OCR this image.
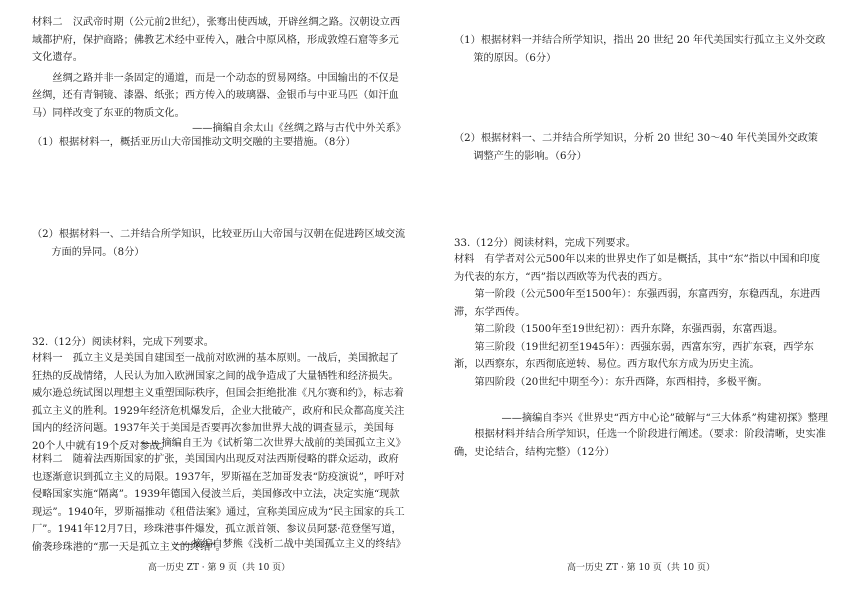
材料二　汉武帝时期（公元前2世纪），张骞出使西域，开辟丝绸之路。汉朝设立西域都护府，保护商路；佛教艺术经中亚传入，融合中原风格，形成敦煌石窟等多元文化遗存。

丝绸之路并非一条固定的通道，而是一个动态的贸易网络。中国输出的不仅是丝绸，还有青铜镜、漆器、纸张；西方传入的玻璃器、金银币与中亚马匹（如汗血马）同样改变了东亚的物质文化。

——摘编自余太山《丝绸之路与古代中外关系》

（1）根据材料一，概括亚历山大帝国推动文明交融的主要措施。（8分）

（2）根据材料一、二并结合所学知识，比较亚历山大帝国与汉朝在促进跨区域交流方面的异同。（8分）

32.（12分）阅读材料，完成下列要求。

材料一　孤立主义是美国自建国至一战前对欧洲的基本原则。一战后，美国掀起了狂热的反战情绪，人民认为加入欧洲国家之间的战争造成了大量牺牲和经济损失。威尔逊总统试图以理想主义重塑国际秩序，但国会拒绝批准《凡尔赛和约》，标志着孤立主义的胜利。1929年经济危机爆发后，企业大批破产，政府和民众都高度关注国内的经济问题。1937年关于美国是否要再次参加世界大战的调查显示，美国每20个人中就有19个反对参战。

——摘编自王为《试析第二次世界大战前的美国孤立主义》

材料二　随着法西斯国家的扩张，美国国内出现反对法西斯侵略的群众运动，政府也逐渐意识到孤立主义的局限。1937年，罗斯福在芝加哥发表“防疫演说”，呼吁对侵略国家实施“隔离”。1939年德国入侵波兰后，美国修改中立法，决定实施“现款现运”。1940年，罗斯福推动《租借法案》通过，宣称美国应成为“民主国家的兵工厂”。1941年12月7日，珍珠港事件爆发，孤立派首领、参议员阿瑟·范登堡写道，偷袭珍珠港的“那一天是孤立主义的终结”。

——摘编自梦熊《浅析二战中美国孤立主义的终结》

（1）根据材料一并结合所学知识，指出 20 世纪 20 年代美国实行孤立主义外交政策的原因。（6分）

（2）根据材料一、二并结合所学知识，分析 20 世纪 30～40 年代美国外交政策调整产生的影响。（6分）

33.（12分）阅读材料，完成下列要求。

材料　有学者对公元500年以来的世界史作了如是概括，其中“东”指以中国和印度为代表的东方，“西”指以西欧等为代表的西方。

第一阶段（公元500年至1500年）：东强西弱，东富西穷，东稳西乱，东进西滞，东学西传。

第二阶段（1500年至19世纪初）：西升东降，东强西弱，东富西退。

第三阶段（19世纪初至1945年）：西强东弱，西富东穷，西扩东衰，西学东渐，以西察东，东西彻底逆转、易位。西方取代东方成为历史主流。

第四阶段（20世纪中期至今）：东升西降，东西相持，多极平衡。

——摘编自李兴《世界史“西方中心论”破解与“三大体系”构建初探》整理

根据材料并结合所学知识，任选一个阶段进行阐述。（要求：阶段清晰，史实准确，史论结合，结构完整）（12分）

高一历史 ZT · 第 9 页（共 10 页）	高一历史 ZT · 第 10 页（共 10 页）
